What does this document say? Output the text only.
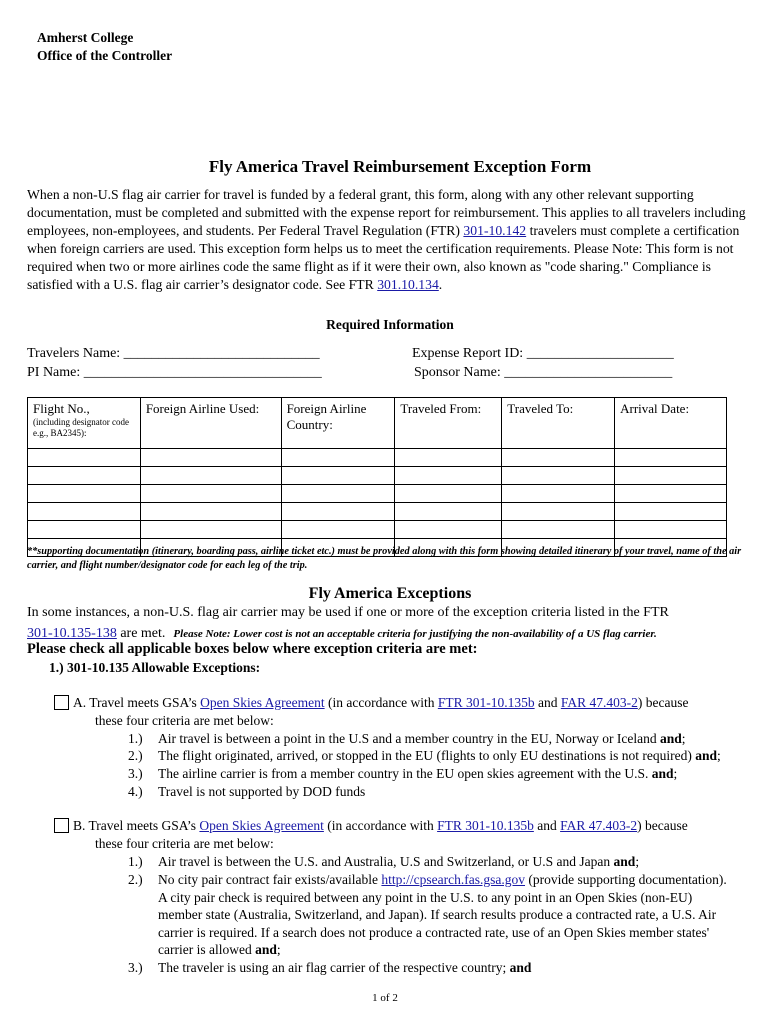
Amherst College
Office of the Controller
Fly America Travel Reimbursement Exception Form
When a non-U.S flag air carrier for travel is funded by a federal grant, this form, along with any other relevant supporting documentation, must be completed and submitted with the expense report for reimbursement. This applies to all travelers including employees, non-employees, and students. Per Federal Travel Regulation (FTR) 301-10.142 travelers must complete a certification when foreign carriers are used. This exception form helps us to meet the certification requirements. Please Note: This form is not required when two or more airlines code the same flight as if it were their own, also known as "code sharing." Compliance is satisfied with a U.S. flag air carrier’s designator code. See FTR 301.10.134.
Required Information
Travelers Name: ____________________________
PI Name: __________________________________
Expense Report ID: _____________________
Sponsor Name: ________________________
Flight No.,
(including designator code e.g., BA2345):	Foreign Airline Used:	Foreign Airline Country:	Traveled From:	Traveled To:	Arrival Date:

**supporting documentation (itinerary, boarding pass, airline ticket etc.) must be provided along with this form showing detailed itinerary of your travel, name of the air carrier, and flight number/designator code for each leg of the trip.
Fly America Exceptions
In some instances, a non-U.S. flag air carrier may be used if one or more of the exception criteria listed in the FTR
301-10.135-138 are met. Please Note: Lower cost is not an acceptable criteria for justifying the non-availability of a US flag carrier.
Please check all applicable boxes below where exception criteria are met:
1.) 301-10.135 Allowable Exceptions:
A. Travel meets GSA’s Open Skies Agreement (in accordance with FTR 301-10.135b and FAR 47.403-2) because
these four criteria are met below:
1.) Air travel is between a point in the U.S and a member country in the EU, Norway or Iceland and;
2.) The flight originated, arrived, or stopped in the EU (flights to only EU destinations is not required) and;
3.) The airline carrier is from a member country in the EU open skies agreement with the U.S. and;
4.) Travel is not supported by DOD funds
B. Travel meets GSA’s Open Skies Agreement (in accordance with FTR 301-10.135b and FAR 47.403-2) because
these four criteria are met below:
1.) Air travel is between the U.S. and Australia, U.S and Switzerland, or U.S and Japan and;
2.) No city pair contract fair exists/available http://cpsearch.fas.gsa.gov (provide supporting documentation).
A city pair check is required between any point in the U.S. to any point in an Open Skies (non-EU)
member state (Australia, Switzerland, and Japan). If search results produce a contracted rate, a U.S. Air
carrier is required. If a search does not produce a contracted rate, use of an Open Skies member states'
carrier is allowed and;
3.) The traveler is using an air flag carrier of the respective country; and
1 of 2
